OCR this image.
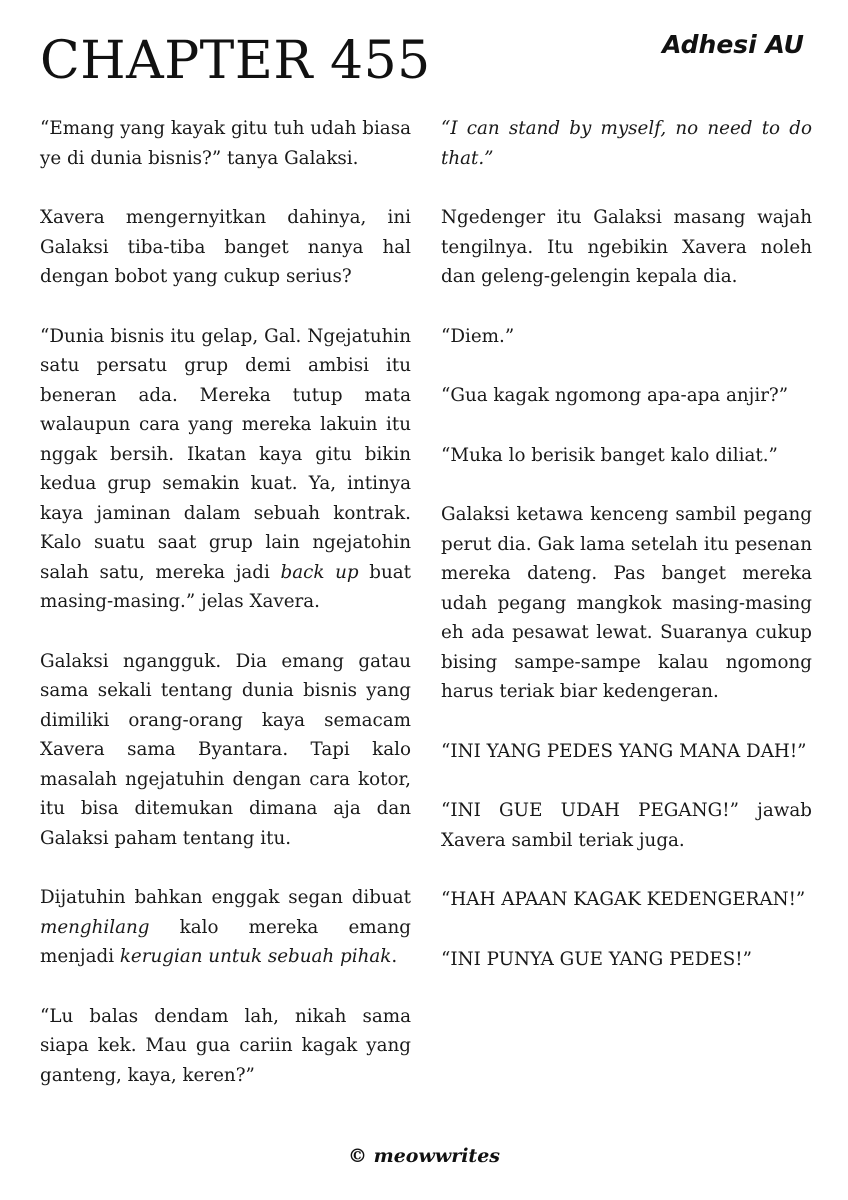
CHAPTER 455	Adhesi AU

“Emang yang kayak gitu tuh udah biasa ye di dunia bisnis?” tanya Galaksi.

Xavera mengernyitkan dahinya, ini Galaksi tiba-tiba banget nanya hal dengan bobot yang cukup serius?

“Dunia bisnis itu gelap, Gal. Ngejatuhin satu persatu grup demi ambisi itu beneran ada. Mereka tutup mata walaupun cara yang mereka lakuin itu nggak bersih. Ikatan kaya gitu bikin kedua grup semakin kuat. Ya, intinya kaya jaminan dalam sebuah kontrak. Kalo suatu saat grup lain ngejatohin salah satu, mereka jadi back up buat masing-masing.” jelas Xavera.

Galaksi ngangguk. Dia emang gatau sama sekali tentang dunia bisnis yang dimiliki orang-orang kaya semacam Xavera sama Byantara. Tapi kalo masalah ngejatuhin dengan cara kotor, itu bisa ditemukan dimana aja dan Galaksi paham tentang itu.

Dijatuhin bahkan enggak segan dibuat menghilang kalo mereka emang menjadi kerugian untuk sebuah pihak.

“Lu balas dendam lah, nikah sama siapa kek. Mau gua cariin kagak yang ganteng, kaya, keren?”

“I can stand by myself, no need to do that.”

Ngedenger itu Galaksi masang wajah tengilnya. Itu ngebikin Xavera noleh dan geleng-gelengin kepala dia.

“Diem.”

“Gua kagak ngomong apa-apa anjir?”

“Muka lo berisik banget kalo diliat.”

Galaksi ketawa kenceng sambil pegang perut dia. Gak lama setelah itu pesenan mereka dateng. Pas banget mereka udah pegang mangkok masing-masing eh ada pesawat lewat. Suaranya cukup bising sampe-sampe kalau ngomong harus teriak biar kedengeran.

“INI YANG PEDES YANG MANA DAH!”

“INI GUE UDAH PEGANG!” jawab Xavera sambil teriak juga.

“HAH APAAN KAGAK KEDENGERAN!”

“INI PUNYA GUE YANG PEDES!”

© meowwrites
